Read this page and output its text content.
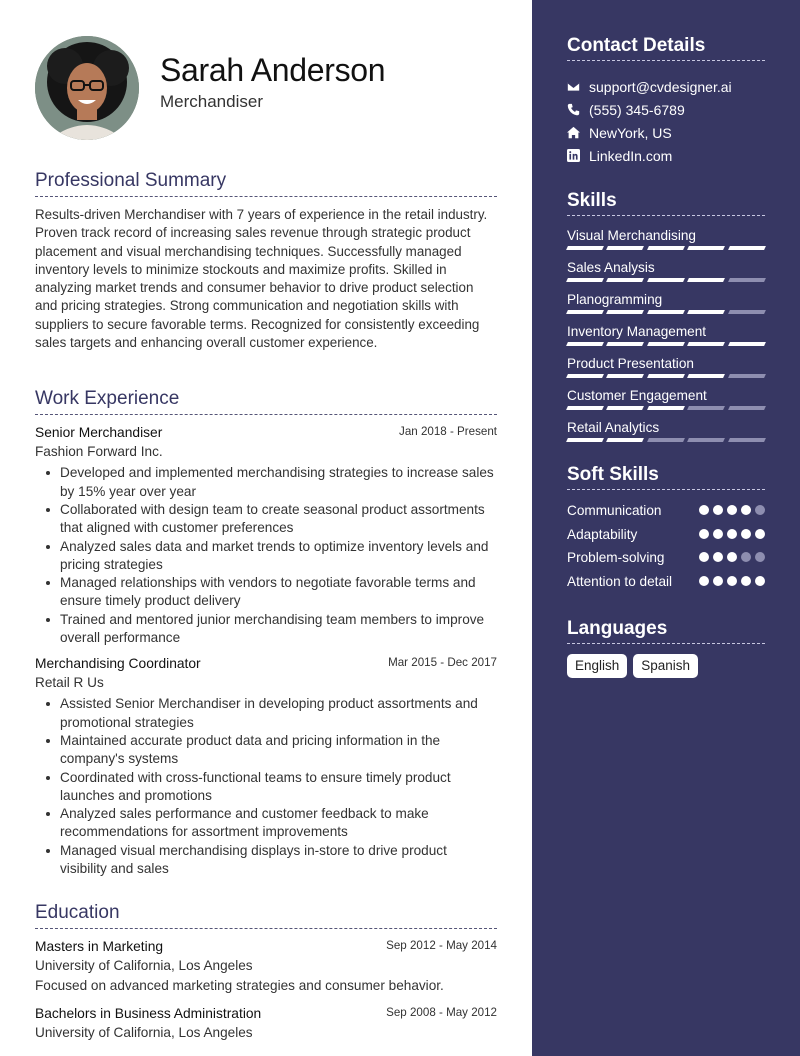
Sarah Anderson
Merchandiser
Professional Summary

Results-driven Merchandiser with 7 years of experience in the retail industry. Proven track record of increasing sales revenue through strategic product placement and visual merchandising techniques. Successfully managed inventory levels to minimize stockouts and maximize profits. Skilled in analyzing market trends and consumer behavior to drive product selection and pricing strategies. Strong communication and negotiation skills with suppliers to secure favorable terms. Recognized for consistently exceeding sales targets and enhancing overall customer experience.

Work Experience
Senior Merchandiser	Jan 2018 - Present
Fashion Forward Inc.
Developed and implemented merchandising strategies to increase sales by 15% year over year
Collaborated with design team to create seasonal product assortments that aligned with customer preferences
Analyzed sales data and market trends to optimize inventory levels and pricing strategies
Managed relationships with vendors to negotiate favorable terms and ensure timely product delivery
Trained and mentored junior merchandising team members to improve overall performance
Merchandising Coordinator	Mar 2015 - Dec 2017
Retail R Us
Assisted Senior Merchandiser in developing product assortments and promotional strategies
Maintained accurate product data and pricing information in the company's systems
Coordinated with cross-functional teams to ensure timely product launches and promotions
Analyzed sales performance and customer feedback to make recommendations for assortment improvements
Managed visual merchandising displays in-store to drive product visibility and sales
Education
Masters in Marketing	Sep 2012 - May 2014
University of California, Los Angeles
Focused on advanced marketing strategies and consumer behavior.
Bachelors in Business Administration	Sep 2008 - May 2012
University of California, Los Angeles
Contact Details
support@cvdesigner.ai
(555) 345-6789
NewYork, US
LinkedIn.com
Skills
Visual Merchandising
Sales Analysis
Planogramming
Inventory Management
Product Presentation
Customer Engagement
Retail Analytics
Soft Skills
Communication
Adaptability
Problem-solving
Attention to detail
Languages
English	Spanish
